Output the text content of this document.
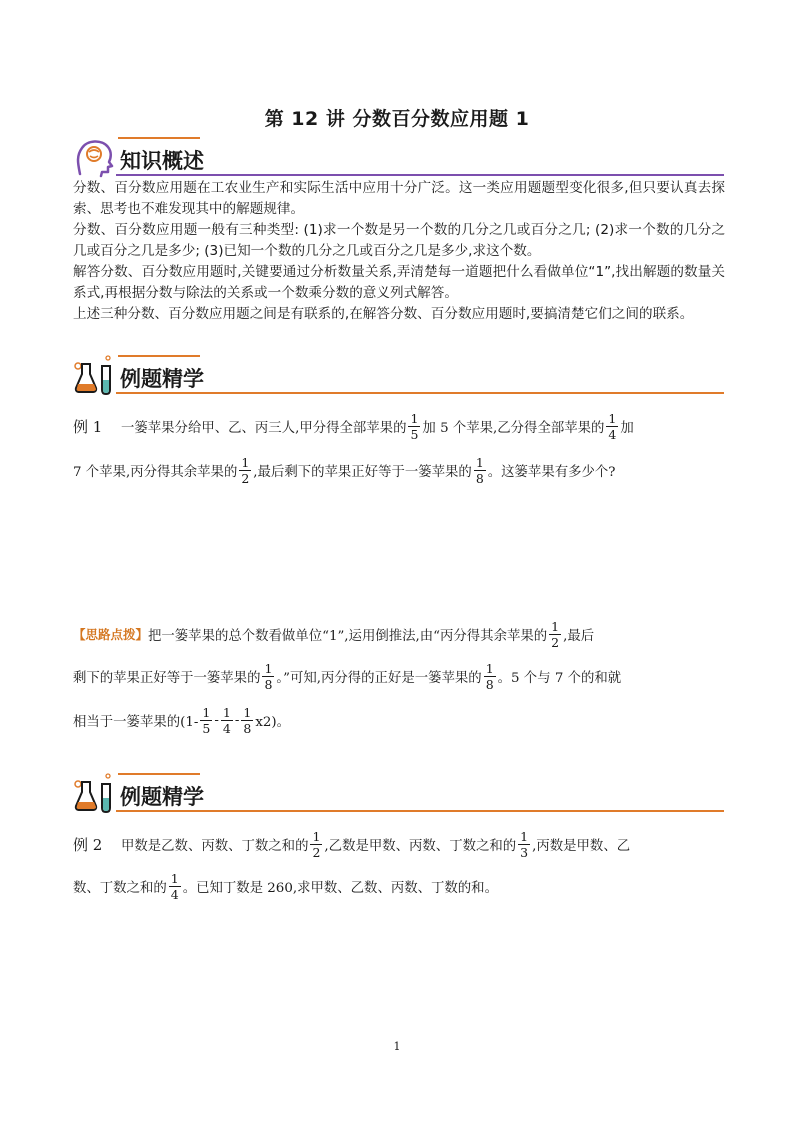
第 12 讲 分数百分数应用题 1
知识概述

分数、百分数应用题在工农业生产和实际生活中应用十分广泛。这一类应用题题型变化很多,但只要认真去探索、思考也不难发现其中的解题规律。

分数、百分数应用题一般有三种类型: (1)求一个数是另一个数的几分之几或百分之几; (2)求一个数的几分之几或百分之几是多少; (3)已知一个数的几分之几或百分之几是多少,求这个数。

解答分数、百分数应用题时,关键要通过分析数量关系,弄清楚每一道题把什么看做单位“1”,找出解题的数量关系式,再根据分数与除法的关系或一个数乘分数的意义列式解答。

上述三种分数、百分数应用题之间是有联系的,在解答分数、百分数应用题时,要搞清楚它们之间的联系。

例题精学
例 1	一篓苹果分给甲、乙、丙三人,甲分得全部苹果的 $\frac{1}{5}$ 加 5 个苹果,乙分得全部苹果的 $\frac{1}{4}$ 加
7 个苹果,丙分得其余苹果的 $\frac{1}{2}$ ,最后剩下的苹果正好等于一篓苹果的 $\frac{1}{8}$ 。这篓苹果有多少个?
【思路点拨】 把一篓苹果的总个数看做单位“1”,运用倒推法,由“丙分得其余苹果的 $\frac{1}{2}$ ,最后
剩下的苹果正好等于一篓苹果的 $\frac{1}{8}$ 。”可知,丙分得的正好是一篓苹果的 $\frac{1}{8}$ 。5 个与 7 个的和就
相当于一篓苹果的$(1- \frac{1}{5} - \frac{1}{4} - \frac{1}{8} x2)$。
例题精学
例 2	甲数是乙数、丙数、丁数之和的 $\frac{1}{2}$ ,乙数是甲数、丙数、丁数之和的 $\frac{1}{3}$ ,丙数是甲数、乙
数、丁数之和的 $\frac{1}{4}$ 。已知丁数是 260,求甲数、乙数、丙数、丁数的和。
1
